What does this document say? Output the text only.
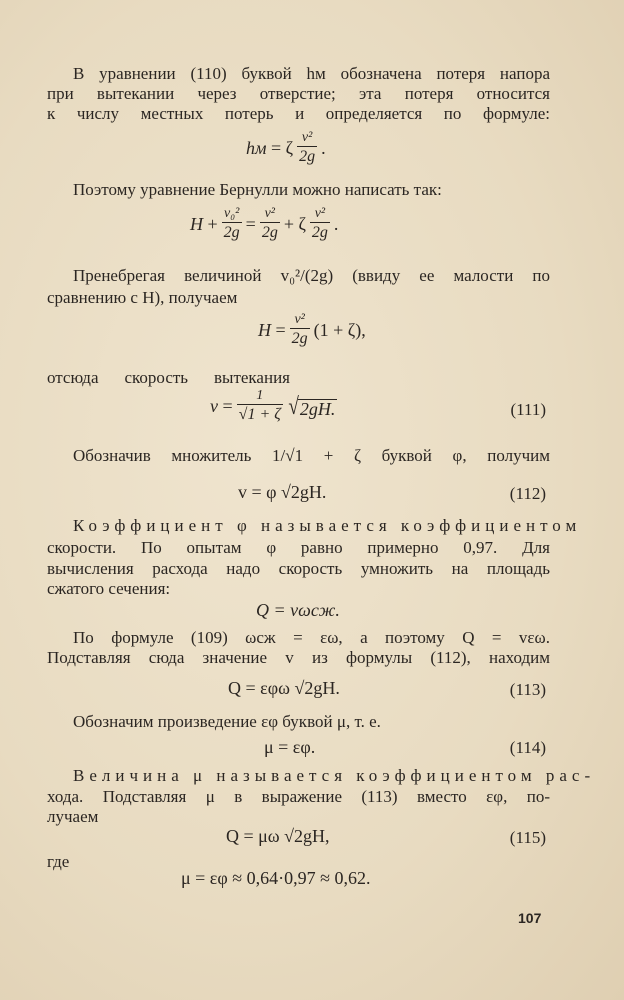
В уравнении (110) буквой hм обозначена потеря напора
при вытекании через отверстие; эта потеря относится
к числу местных потерь и определяется по формуле:
hм
=
ζ $\frac{\text{v²}}{2g}$ .
Поэтому уравнение Бернулли можно написать так:
H
+ $\frac{\text{v₀²}}{2g} = \frac{\text{v²}}{2g}$ +
ζ $\frac{\text{v²}}{2g}$ .
Пренебрегая величиной v₀²/(2g) (ввиду ее малости по
сравнению с H), получаем
H
= $\frac{\text{v²}}{2g} (1 + \zeta)$,
отсюда скорость вытекания
v
= $\frac{1}{√1 + \zeta}$ √ 2gH.	(111)
Обозначив множитель 1/√1 + ζ буквой φ, получим
v = φ √2gH.	(112)
Коэффициент φ называется коэффициентом
скорости. По опытам φ равно примерно 0,97. Для
вычисления расхода надо скорость умножить на площадь
сжатого сечения:
Q = vωсж.
По формуле (109) ωсж = εω, а поэтому Q = vεω.
Подставляя сюда значение v из формулы (112), находим
Q = εφω √2gH.	(113)
Обозначим произведение εφ буквой μ, т. е.
μ = εφ.	(114)
Величина μ называется коэффициентом рас-
хода. Подставляя μ в выражение (113) вместо εφ, по-
лучаем
Q = μω √2gH,	(115)
где
μ = εφ ≈ 0,64·0,97 ≈ 0,62.
107
